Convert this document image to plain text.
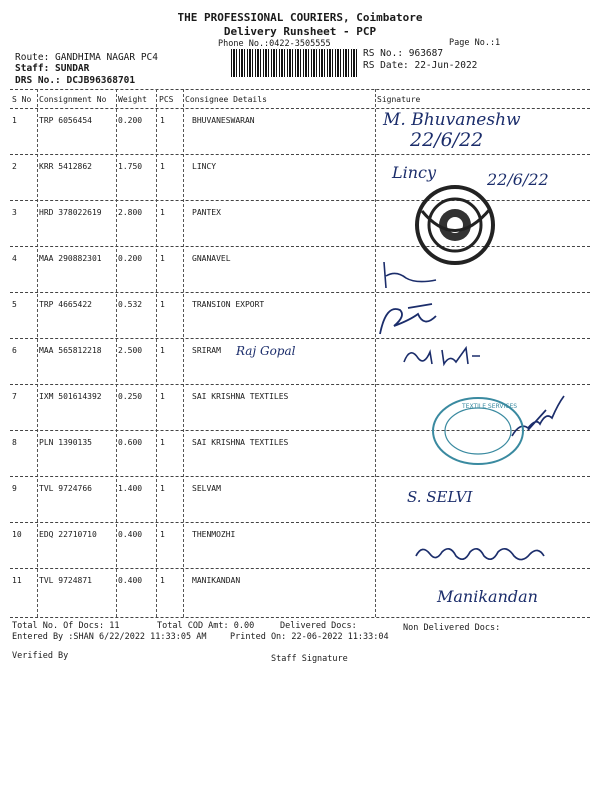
THE PROFESSIONAL COURIERS, Coimbatore
Delivery Runsheet - PCP
Phone No.:0422-3505555	Page No.:1
Route: GANDHIMA NAGAR PC4
Staff: SUNDAR
DRS No.: DCJB96368701
RS No.: 963687
RS Date: 22-Jun-2022
S No Consignment No Weight PCS Consignee Details	Signature
1	TRP 6056454	0.200 1	BHUVANESWARAN
2	KRR 5412862	1.750 1	LINCY
3	HRD 378022619 2.800 1	PANTEX
4	MAA 290882301 0.200 1	GNANAVEL
5	TRP 4665422	0.532 1	TRANSION EXPORT
6	MAA 565812218 2.500 1	SRIRAM
7	IXM 501614392 0.250 1	SAI KRISHNA TEXTILES
8	PLN 1390135	0.600 1	SAI KRISHNA TEXTILES
9	TVL 9724766	1.400 1	SELVAM
10 EDQ 22710710	0.400 1	THENMOZHI
11 TVL 9724871	0.400 1	MANIKANDAN
M. Bhuvaneshw
22/6/22
Lincy	22/6/22
Raj Gopal
S. SELVI
Manikandan
TEXTILE SERVICES
Total No. Of Docs: 11	Total COD Amt: 0.00	Delivered Docs:	Non Delivered Docs:
Entered By :SHAN 6/22/2022 11:33:05 AM	Printed On: 22-06-2022 11:33:04
Verified By	Staff Signature
